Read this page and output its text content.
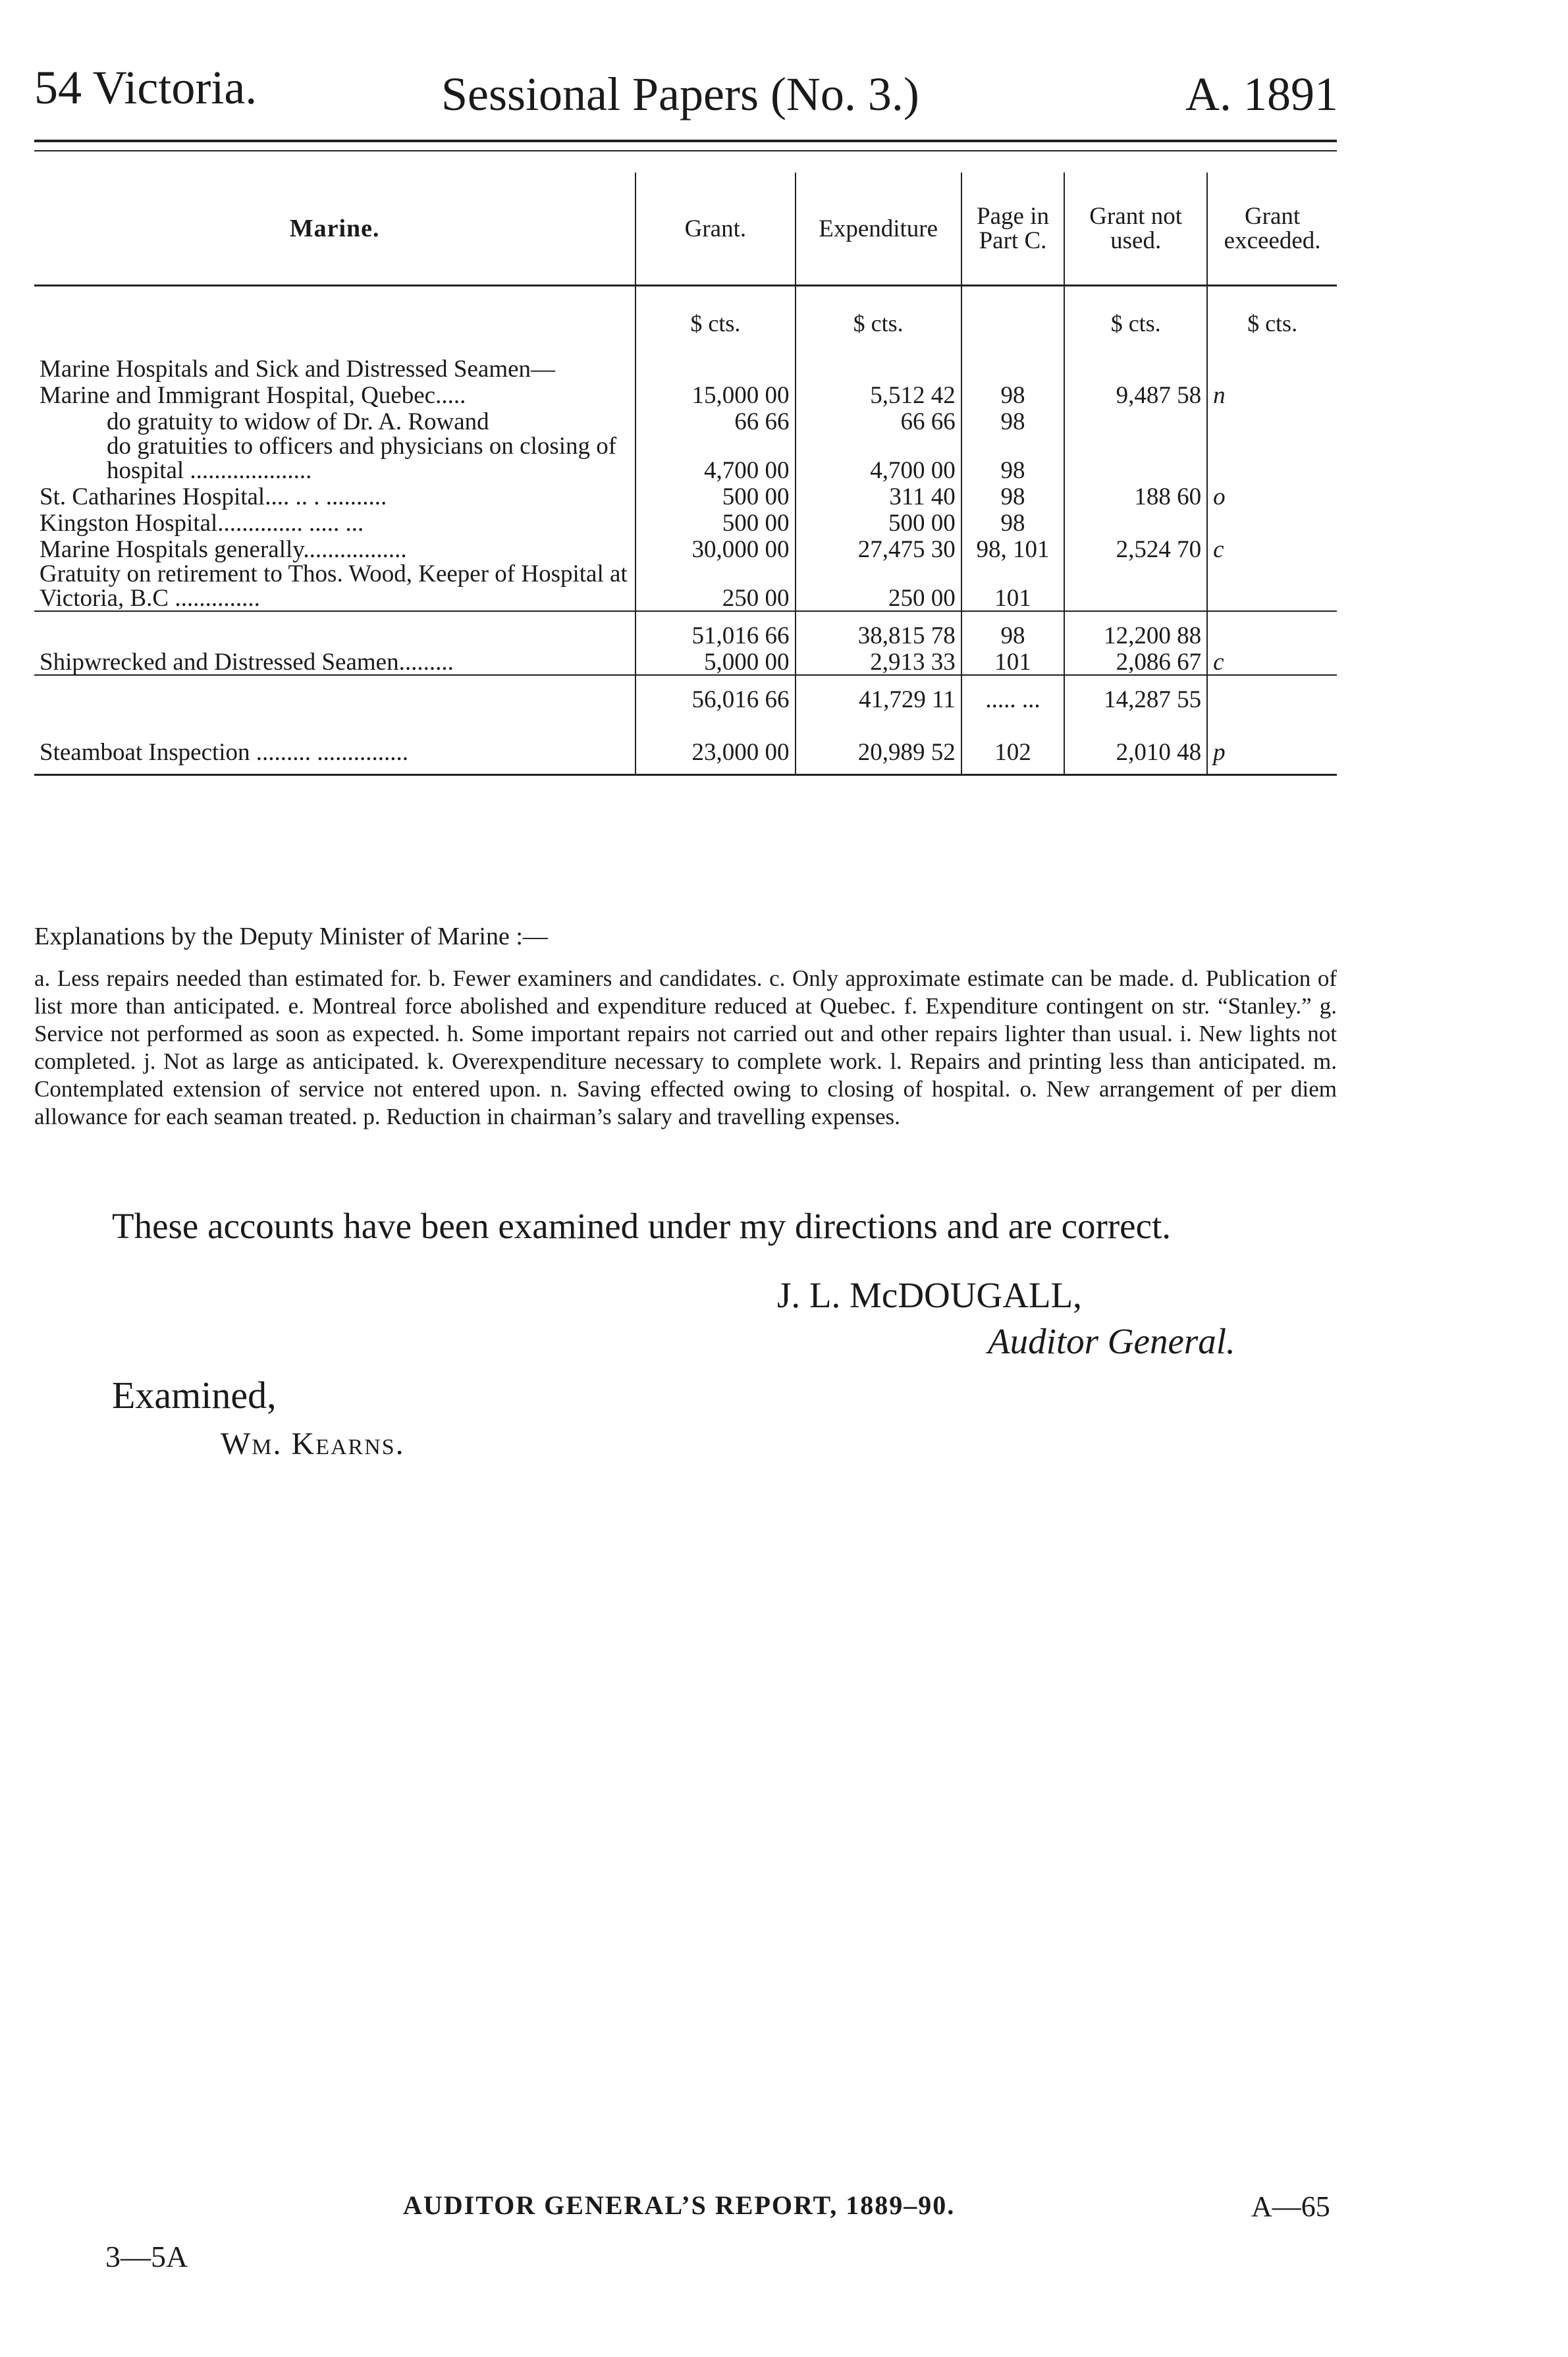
54 Victoria.	Sessional Papers (No. 3.)	A. 1891
Marine.	Grant.	Expenditure	Page in Part C.	Grant not used.	Grant exceeded.
	$ cts.	$ cts.		$ cts.	$ cts.
Marine Hospitals and Sick and Distressed Seamen—					
Marine and Immigrant Hospital, Quebec.....	15,000 00	5,512 42	98	9,487 58	n
do gratuity to widow of Dr. A. Rowand	66 66	66 66	98		
do gratuities to officers and physicians on closing of hospital ....................	4,700 00	4,700 00	98		
St. Catharines Hospital.... .. . ..........	500 00	311 40	98	188 60	o
Kingston Hospital.............. ..... ...	500 00	500 00	98		
Marine Hospitals generally.................	30,000 00	27,475 30	98, 101	2,524 70	c
Gratuity on retirement to Thos. Wood, Keeper of Hospital at Victoria, B.C ..............	250 00	250 00	101		
	51,016 66	38,815 78	98	12,200 88	
Shipwrecked and Distressed Seamen.........	5,000 00	2,913 33	101	2,086 67	c
	56,016 66	41,729 11	..... ...	14,287 55	

Steamboat Inspection ......... ...............	23,000 00	20,989 52	102	2,010 48	p
Explanations by the Deputy Minister of Marine :—
a. Less repairs needed than estimated for. b. Fewer examiners and candidates. c. Only approximate estimate can be made. d. Publication of list more than anticipated. e. Montreal force abolished and expenditure reduced at Quebec. f. Expenditure contingent on str. “Stanley.” g. Service not performed as soon as expected. h. Some important repairs not carried out and other repairs lighter than usual. i. New lights not completed. j. Not as large as anticipated. k. Overexpenditure necessary to complete work. l. Repairs and printing less than anticipated. m. Contemplated extension of service not entered upon. n. Saving effected owing to closing of hospital. o. New arrangement of per diem allowance for each seaman treated. p. Reduction in chairman’s salary and travelling expenses.
These accounts have been examined under my directions and are correct.
J. L. McDOUGALL,
Auditor General.
Examined,
Wm. Kearns.
3—5A
AUDITOR GENERAL’S REPORT, 1889–90.	A—65
